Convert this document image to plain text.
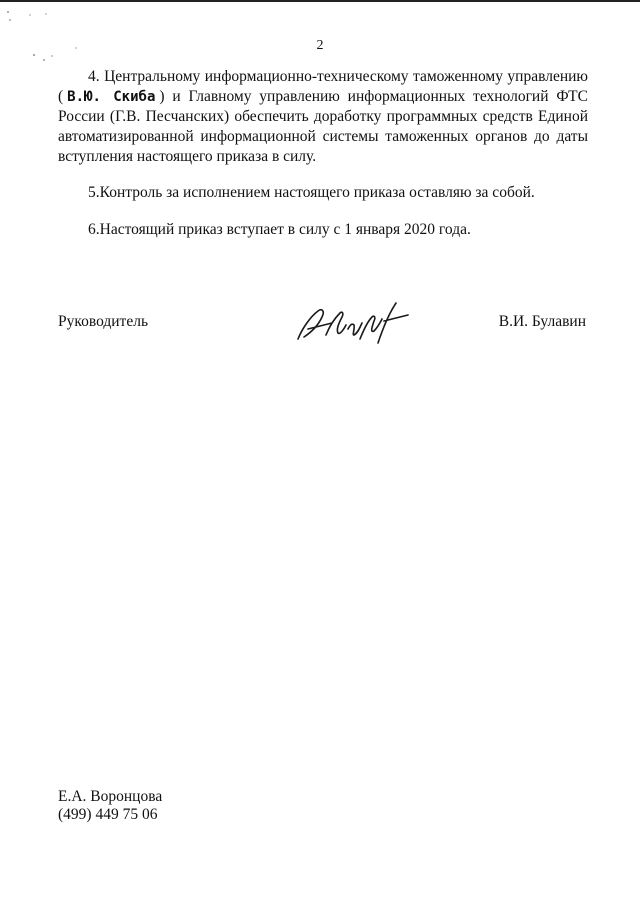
2

4. Центральному информационно-техническому таможенному управлению ( В.Ю. Скиба ) и Главному управлению информационных технологий ФТС России (Г.В. Песчанских) обеспечить доработку программных средств Единой автоматизированной информационной системы таможенных органов до даты вступления настоящего приказа в силу.

5.Контроль за исполнением настоящего приказа оставляю за собой.

6.Настоящий приказ вступает в силу с 1 января 2020 года.

Руководитель	В.И. Булавин
Е.А. Воронцова
(499) 449 75 06
